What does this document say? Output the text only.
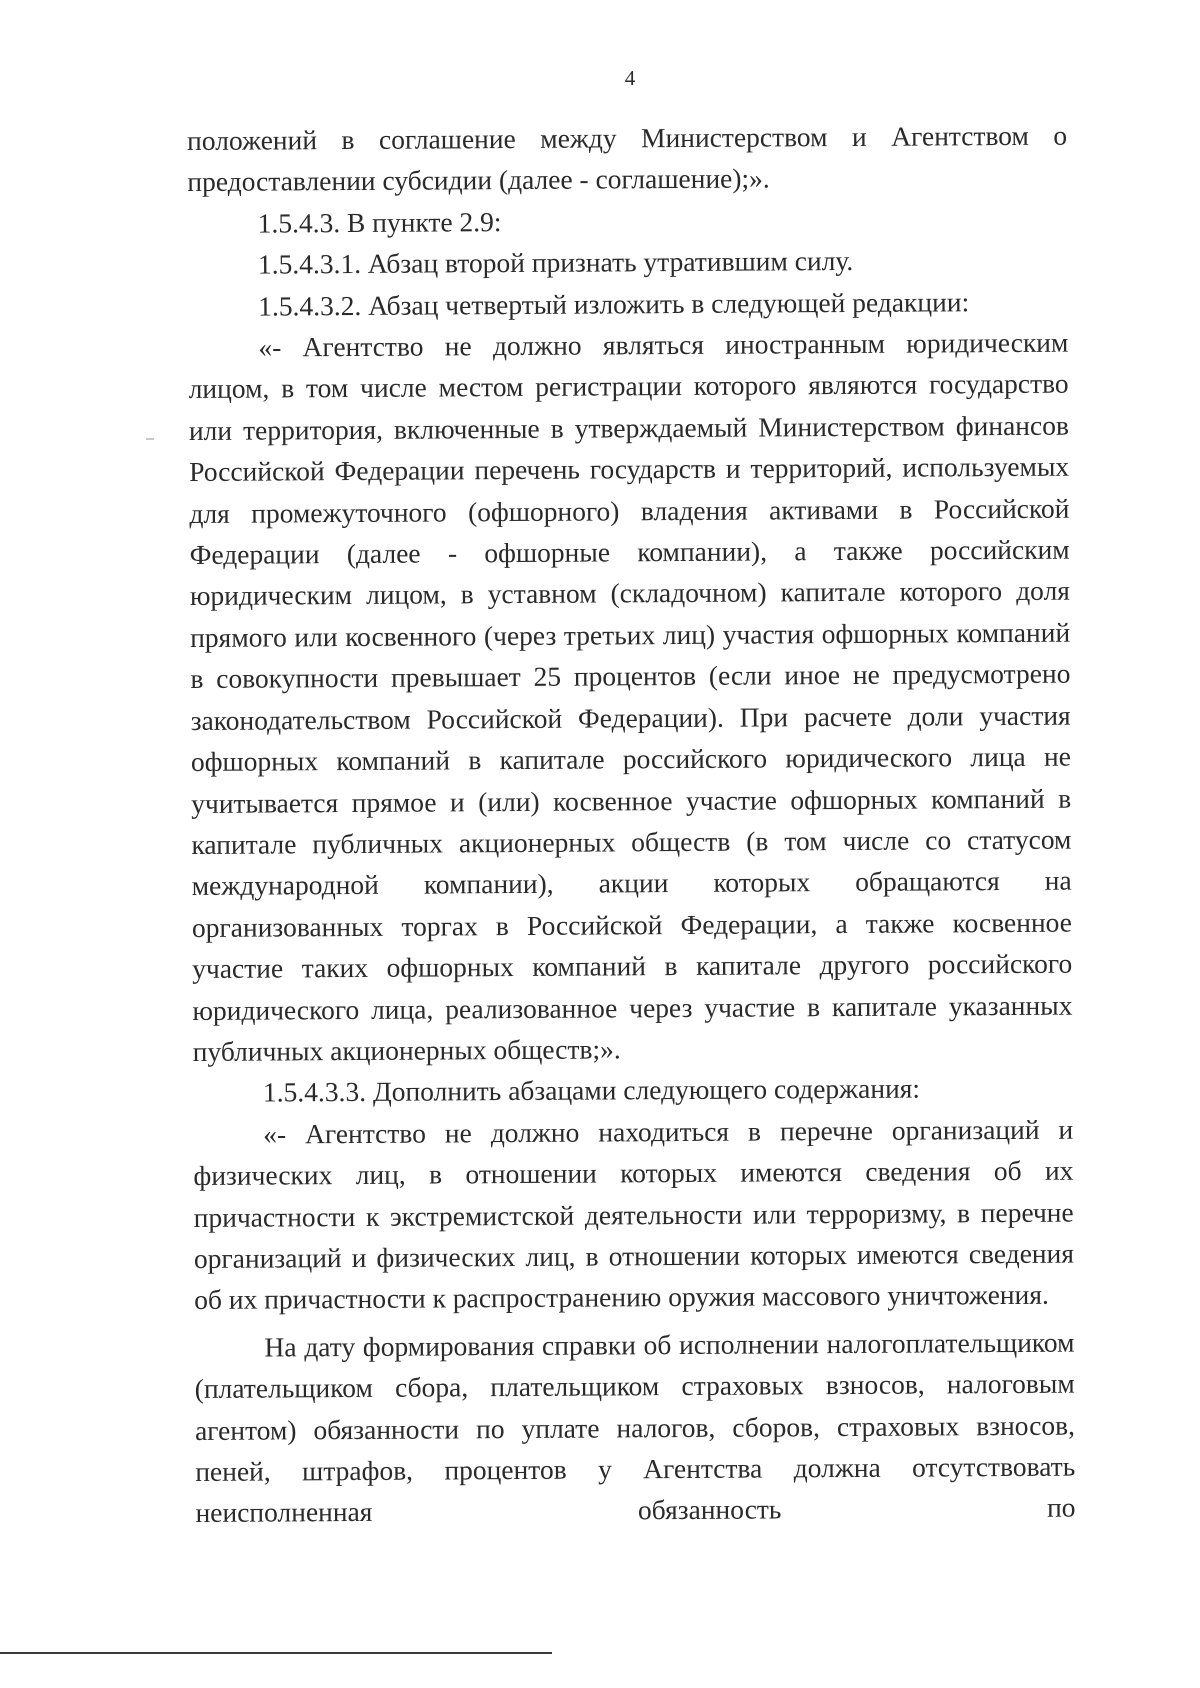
4

положений в соглашение между Министерством и Агентством о предоставлении субсидии (далее - соглашение);».

1.5.4.3. В пункте 2.9:

1.5.4.3.1. Абзац второй признать утратившим силу.

1.5.4.3.2. Абзац четвертый изложить в следующей редакции:

«- Агентство не должно являться иностранным юридическим лицом, в том числе местом регистрации которого являются государство или территория, включенные в утверждаемый Министерством финансов Российской Федерации перечень государств и территорий, используемых для промежуточного (офшорного) владения активами в Российской Федерации (далее - офшорные компании), а также российским юридическим лицом, в уставном (складочном) капитале которого доля прямого или косвенного (через третьих лиц) участия офшорных компаний в совокупности превышает 25 процентов (если иное не предусмотрено законодательством Российской Федерации). При расчете доли участия офшорных компаний в капитале российского юридического лица не учитывается прямое и (или) косвенное участие офшорных компаний в капитале публичных акционерных обществ (в том числе со статусом международной компании), акции которых обращаются на организованных торгах в Российской Федерации, а также косвенное участие таких офшорных компаний в капитале другого российского юридического лица, реализованное через участие в капитале указанных публичных акционерных обществ;».

1.5.4.3.3. Дополнить абзацами следующего содержания:

«- Агентство не должно находиться в перечне организаций и физических лиц, в отношении которых имеются сведения об их причастности к экстремистской деятельности или терроризму, в перечне организаций и физических лиц, в отношении которых имеются сведения об их причастности к распространению оружия массового уничтожения.

На дату формирования справки об исполнении налогоплательщиком (плательщиком сбора, плательщиком страховых взносов, налоговым агентом) обязанности по уплате налогов, сборов, страховых взносов, пеней, штрафов, процентов у Агентства должна отсутствовать неисполненная обязанность по
